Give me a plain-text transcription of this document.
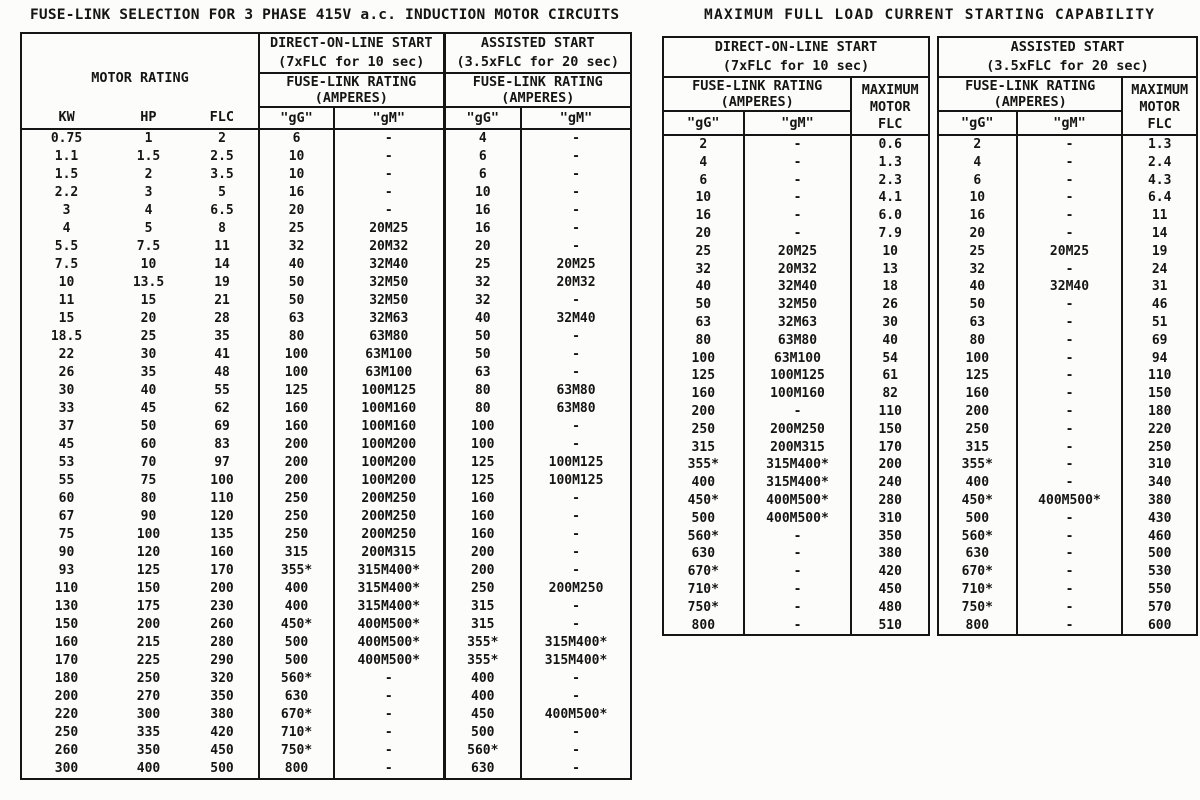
FUSE-LINK SELECTION FOR 3 PHASE 415V a.c. INDUCTION MOTOR CIRCUITS	MAXIMUM FULL LOAD CURRENT STARTING CAPABILITY
MOTOR RATING
KW	HP	FLC

DIRECT-ON-LINE START
(7xFLC for 10 sec)

ASSISTED START
(3.5xFLC for 20 sec)

FUSE-LINK RATING
(AMPERES)

FUSE-LINK RATING
(AMPERES)

			"gG"	"gM"	"gG"	"gM"
0.75	1	2	6	-	4	-
1.1	1.5	2.5	10	-	6	-
1.5	2	3.5	10	-	6	-
2.2	3	5	16	-	10	-
3	4	6.5	20	-	16	-
4	5	8	25	20M25	16	-
5.5	7.5	11	32	20M32	20	-
7.5	10	14	40	32M40	25	20M25
10	13.5	19	50	32M50	32	20M32
11	15	21	50	32M50	32	-
15	20	28	63	32M63	40	32M40
18.5	25	35	80	63M80	50	-
22	30	41	100	63M100	50	-
26	35	48	100	63M100	63	-
30	40	55	125	100M125	80	63M80
33	45	62	160	100M160	80	63M80
37	50	69	160	100M160	100	-
45	60	83	200	100M200	100	-
53	70	97	200	100M200	125	100M125
55	75	100	200	100M200	125	100M125
60	80	110	250	200M250	160	-
67	90	120	250	200M250	160	-
75	100	135	250	200M250	160	-
90	120	160	315	200M315	200	-
93	125	170	355*	315M400*	200	-
110	150	200	400	315M400*	250	200M250
130	175	230	400	315M400*	315	-
150	200	260	450*	400M500*	315	-
160	215	280	500	400M500*	355*	315M400*
170	225	290	500	400M500*	355*	315M400*
180	250	320	560*	-	400	-
200	270	350	630	-	400	-
220	300	380	670*	-	450	400M500*
250	335	420	710*	-	500	-
260	350	450	750*	-	560*	-
300	400	500	800	-	630	-
DIRECT-ON-LINE START
(7xFLC for 10 sec)		

FUSE-LINK RATING
(AMPERES)

MAXIMUM
MOTOR
FLC

"gG"	"gM"	
2	-	0.6
4	-	1.3
6	-	2.3
10	-	4.1
16	-	6.0
20	-	7.9
25	20M25	10
32	20M32	13
40	32M40	18
50	32M50	26
63	32M63	30
80	63M80	40
100	63M100	54
125	100M125	61
160	100M160	82
200	-	110
250	200M250	150
315	200M315	170
355*	315M400*	200
400	315M400*	240
450*	400M500*	280
500	400M500*	310
560*	-	350
630	-	380
670*	-	420
710*	-	450
750*	-	480
800	-	510
ASSISTED START
(3.5xFLC for 20 sec)		

FUSE-LINK RATING
(AMPERES)

MAXIMUM
MOTOR
FLC

"gG"	"gM"	
2	-	1.3
4	-	2.4
6	-	4.3
10	-	6.4
16	-	11
20	-	14
25	20M25	19
32	-	24
40	32M40	31
50	-	46
63	-	51
80	-	69
100	-	94
125	-	110
160	-	150
200	-	180
250	-	220
315	-	250
355*	-	310
400	-	340
450*	400M500*	380
500	-	430
560*	-	460
630	-	500
670*	-	530
710*	-	550
750*	-	570
800	-	600
